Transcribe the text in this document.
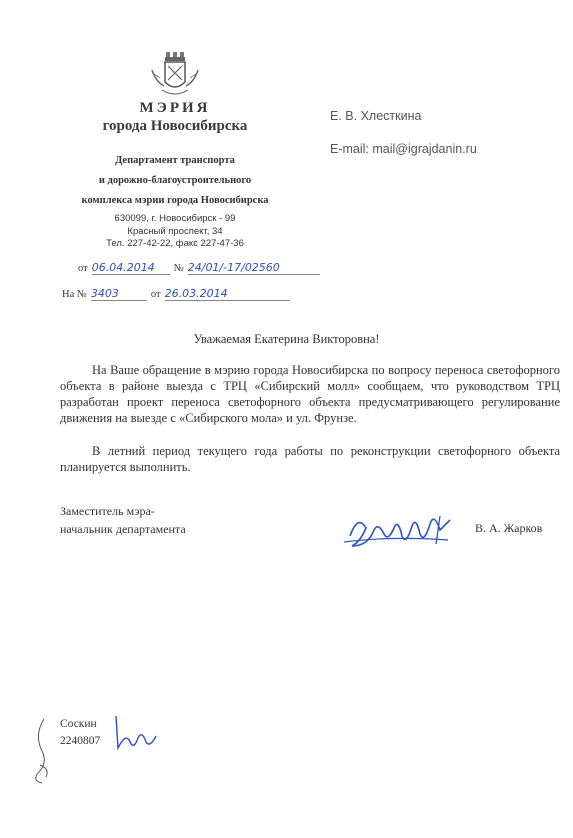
МЭРИЯ
города Новосибирска
Департамент транспорта
и дорожно-благоустроительного
комплекса мэрии города Новосибирска
630099, г. Новосибирск - 99
Красный проспект, 34
Тел. 227-42-22, факс 227-47-36
Е. В. Хлесткина
E-mail: mail@igrajdanin.ru
от 06.04.2014 № 24/01/-17/02560
На № 3403	от 26.03.2014
Уважаемая Екатерина Викторовна!
На Ваше обращение в мэрию города Новосибирска по вопросу переноса светофорного объекта в районе выезда с ТРЦ «Сибирский молл» сообщаем, что руководством ТРЦ разработан проект переноса светофорного объекта предусматривающего регулирование движения на выезде с «Сибирского мола» и ул. Фрунзе.
В летний период текущего года работы по реконструкции светофорного объекта планируется выполнить.
Заместитель мэра-
начальник департамента	В. А. Жарков
Соскин
2240807
